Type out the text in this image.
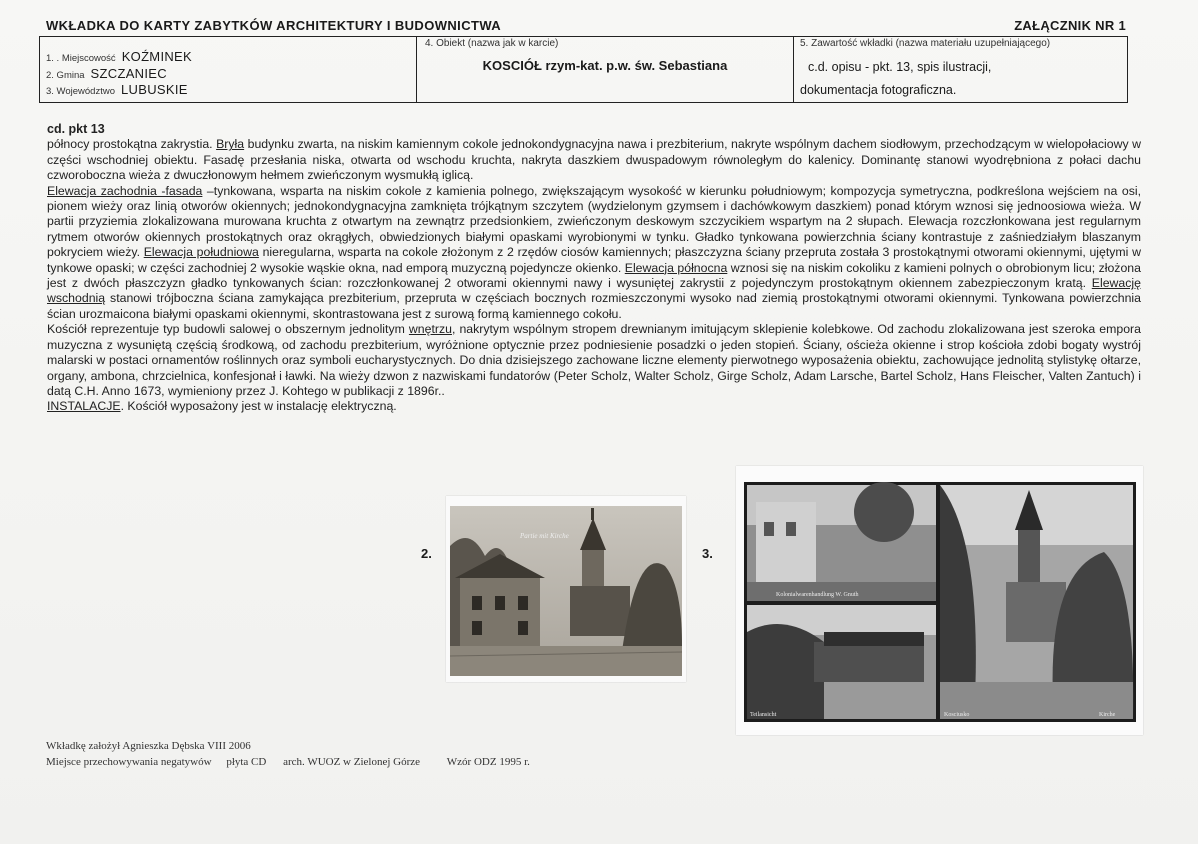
WKŁADKA DO KARTY ZABYTKÓW ARCHITEKTURY I BUDOWNICTWA	ZAŁĄCZNIK NR 1
1. . Miejscowość KOŹMINEK
2. Gmina SZCZANIEC
3. Województwo LUBUSKIE
4. Obiekt (nazwa jak w karcie)
KOSCIÓŁ rzym-kat. p.w. św. Sebastiana
5. Zawartość wkładki (nazwa materiału uzupełniającego)
c.d. opisu - pkt. 13, spis ilustracji,
dokumentacja fotograficzna.
cd. pkt 13
północy prostokątna zakrystia. Bryła budynku zwarta, na niskim kamiennym cokole jednokondygnacyjna nawa i prezbiterium, nakryte wspólnym dachem siodłowym, przechodzącym w wielopołaciowy w części wschodniej obiektu. Fasadę przesłania niska, otwarta od wschodu kruchta, nakryta daszkiem dwuspadowym równoległym do kalenicy. Dominantę stanowi wyodrębniona z połaci dachu czworoboczna wieża z dwuczłonowym hełmem zwieńczonym wysmukłą iglicą.
Elewacja zachodnia -fasada –tynkowana, wsparta na niskim cokole z kamienia polnego, zwiększającym wysokość w kierunku południowym; kompozycja symetryczna, podkreślona wejściem na osi, pionem wieży oraz linią otworów okiennych; jednokondygnacyjna zamknięta trójkątnym szczytem (wydzielonym gzymsem i dachówkowym daszkiem) ponad którym wznosi się jednoosiowa wieża. W partii przyziemia zlokalizowana murowana kruchta z otwartym na zewnątrz przedsionkiem, zwieńczonym deskowym szczycikiem wspartym na 2 słupach. Elewacja rozczłonkowana jest regularnym rytmem otworów okiennych prostokątnych oraz okrągłych, obwiedzionych białymi opaskami wyrobionymi w tynku. Gładko tynkowana powierzchnia ściany kontrastuje z zaśniedziałym blaszanym pokryciem wieży. Elewacja południowa nieregularna, wsparta na cokole złożonym z 2 rzędów ciosów kamiennych; płaszczyzna ściany przepruta została 3 prostokątnymi otworami okiennymi, ujętymi w tynkowe opaski; w części zachodniej 2 wysokie wąskie okna, nad emporą muzyczną pojedyncze okienko. Elewacja północna wznosi się na niskim cokoliku z kamieni polnych o obrobionym licu; złożona jest z dwóch płaszczyzn gładko tynkowanych ścian: rozczłonkowanej 2 otworami okiennymi nawy i wysuniętej zakrystii z pojedynczym prostokątnym okiennem zabezpieczonym kratą. Elewację wschodnią stanowi trójboczna ściana zamykająca prezbiterium, przepruta w częściach bocznych rozmieszczonymi wysoko nad ziemią prostokątnymi otworami okiennymi. Tynkowana powierzchnia ścian urozmaicona białymi opaskami okiennymi, skontrastowana jest z surową formą kamiennego cokołu.
Kościół reprezentuje typ budowli salowej o obszernym jednolitym wnętrzu, nakrytym wspólnym stropem drewnianym imitującym sklepienie kolebkowe. Od zachodu zlokalizowana jest szeroka empora muzyczna z wysuniętą częścią środkową, od zachodu prezbiterium, wyróżnione optycznie przez podniesienie posadzki o jeden stopień. Ściany, ościeża okienne i strop kościoła zdobi bogaty wystrój malarski w postaci ornamentów roślinnych oraz symboli eucharystycznych. Do dnia dzisiejszego zachowane liczne elementy pierwotnego wyposażenia obiektu, zachowujące jednolitą stylistykę ołtarze, organy, ambona, chrzcielnica, konfesjonał i ławki. Na wieży dzwon z nazwiskami fundatorów (Peter Scholz, Walter Scholz, Girge Scholz, Adam Larsche, Bartel Scholz, Hans Fleischer, Valten Zantuch) i datą C.H. Anno 1673, wymieniony przez J. Kohtego w publikacji z 1896r..
INSTALACJE. Kościół wyposażony jest w instalację elektryczną.
2.
Partie mit Kirche
3.
Kolonialwarenhandlung W. Gnuth
Teilansicht	Kosciusko	Kirche
Wkładkę założył Agnieszka Dębska VIII 2006
Miejsce przechowywania negatywów płyta CD arch. WUOZ w Zielonej Górze Wzór ODZ 1995 r.
